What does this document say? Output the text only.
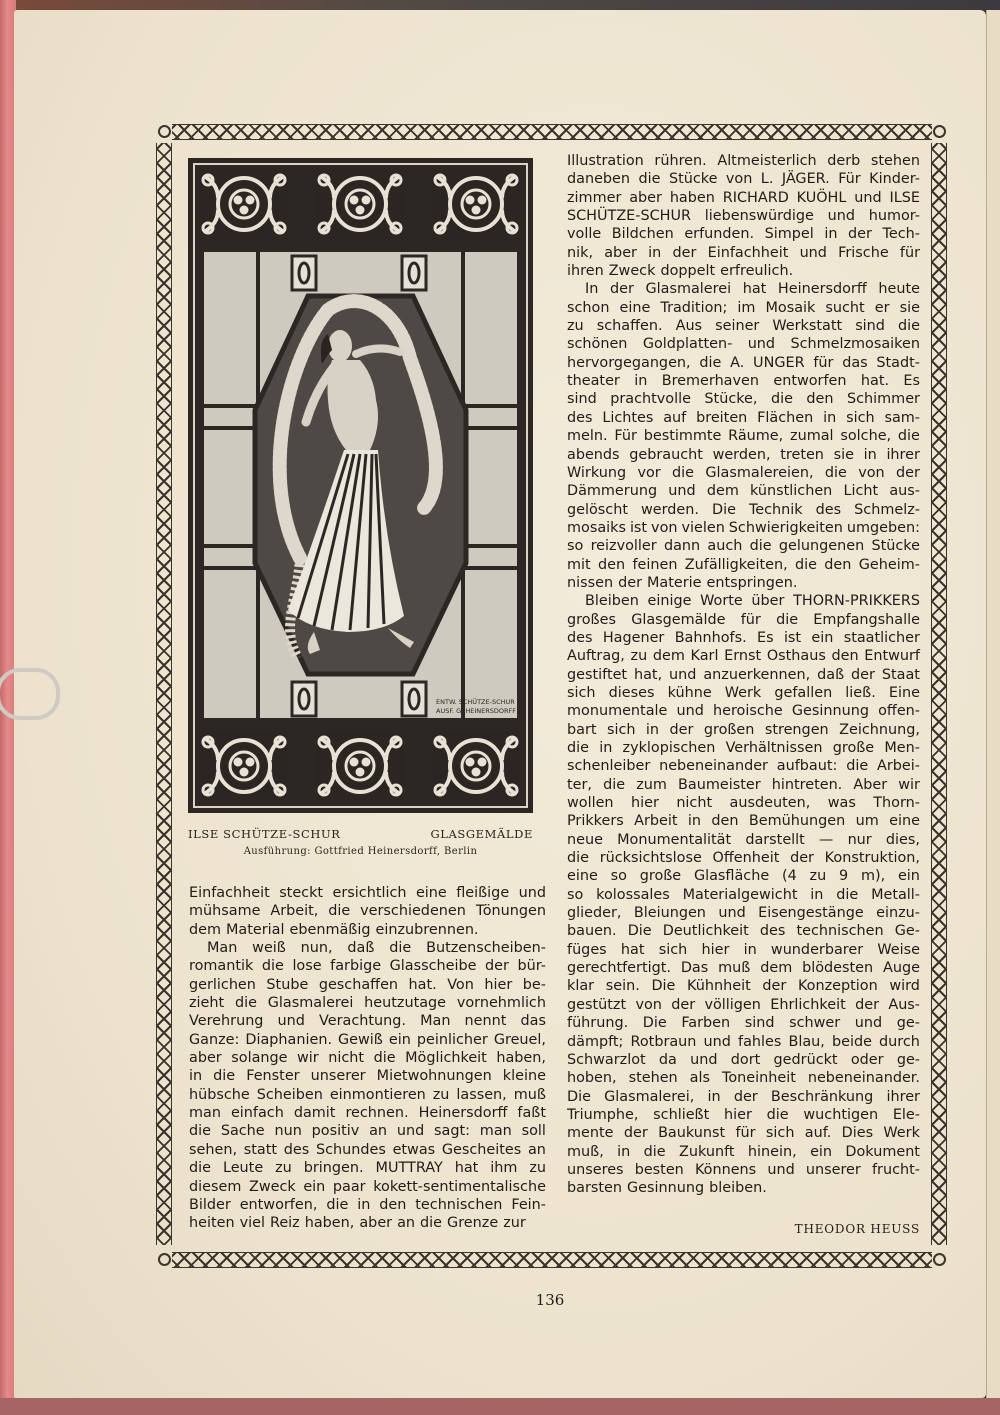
ENTW. SCHÜTZE-SCHUR
AUSF. G. HEINERSDORFF
ILSE SCHÜTZE-SCHUR	GLASGEMÄLDE
Ausführung: Gottfried Heinersdorff, Berlin
Illustration rühren. Altmeisterlich derb stehen
daneben die Stücke von L. JÄGER. Für Kinder-
zimmer aber haben RICHARD KUÖHL und ILSE
SCHÜTZE-SCHUR liebenswürdige und humor-
volle Bildchen erfunden. Simpel in der Tech-
nik, aber in der Einfachheit und Frische für
ihren Zweck doppelt erfreulich.
In der Glasmalerei hat Heinersdorff heute
schon eine Tradition; im Mosaik sucht er sie
zu schaffen. Aus seiner Werkstatt sind die
schönen Goldplatten- und Schmelzmosaiken
hervorgegangen, die A. UNGER für das Stadt-
theater in Bremerhaven entworfen hat. Es
sind prachtvolle Stücke, die den Schimmer
des Lichtes auf breiten Flächen in sich sam-
meln. Für bestimmte Räume, zumal solche, die
abends gebraucht werden, treten sie in ihrer
Wirkung vor die Glasmalereien, die von der
Dämmerung und dem künstlichen Licht aus-
gelöscht werden. Die Technik des Schmelz-
mosaiks ist von vielen Schwierigkeiten umgeben:
so reizvoller dann auch die gelungenen Stücke
mit den feinen Zufälligkeiten, die den Geheim-
nissen der Materie entspringen.
Bleiben einige Worte über THORN-PRIKKERS
großes Glasgemälde für die Empfangshalle
des Hagener Bahnhofs. Es ist ein staatlicher
Auftrag, zu dem Karl Ernst Osthaus den Entwurf
gestiftet hat, und anzuerkennen, daß der Staat
sich dieses kühne Werk gefallen ließ. Eine
monumentale und heroische Gesinnung offen-
bart sich in der großen strengen Zeichnung,
die in zyklopischen Verhältnissen große Men-
schenleiber nebeneinander aufbaut: die Arbei-
ter, die zum Baumeister hintreten. Aber wir
wollen hier nicht ausdeuten, was Thorn-
Prikkers Arbeit in den Bemühungen um eine
neue Monumentalität darstellt — nur dies,
die rücksichtslose Offenheit der Konstruktion,
eine so große Glasfläche (4 zu 9 m), ein
so kolossales Materialgewicht in die Metall-
glieder, Bleiungen und Eisengestänge einzu-
bauen. Die Deutlichkeit des technischen Ge-
füges hat sich hier in wunderbarer Weise
gerechtfertigt. Das muß dem blödesten Auge
klar sein. Die Kühnheit der Konzeption wird
gestützt von der völligen Ehrlichkeit der Aus-
führung. Die Farben sind schwer und ge-
dämpft; Rotbraun und fahles Blau, beide durch
Schwarzlot da und dort gedrückt oder ge-
hoben, stehen als Toneinheit nebeneinander.
Die Glasmalerei, in der Beschränkung ihrer
Triumphe, schließt hier die wuchtigen Ele-
mente der Baukunst für sich auf. Dies Werk
muß, in die Zukunft hinein, ein Dokument
unseres besten Könnens und unserer frucht-
barsten Gesinnung bleiben.
Einfachheit steckt ersichtlich eine fleißige und
mühsame Arbeit, die verschiedenen Tönungen
dem Material ebenmäßig einzubrennen.
Man weiß nun, daß die Butzenscheiben-
romantik die lose farbige Glasscheibe der bür-
gerlichen Stube geschaffen hat. Von hier be-
zieht die Glasmalerei heutzutage vornehmlich
Verehrung und Verachtung. Man nennt das
Ganze: Diaphanien. Gewiß ein peinlicher Greuel,
aber solange wir nicht die Möglichkeit haben,
in die Fenster unserer Mietwohnungen kleine
hübsche Scheiben einmontieren zu lassen, muß
man einfach damit rechnen. Heinersdorff faßt
die Sache nun positiv an und sagt: man soll
sehen, statt des Schundes etwas Gescheites an
die Leute zu bringen. MUTTRAY hat ihm zu
diesem Zweck ein paar kokett-sentimentalische
Bilder entworfen, die in den technischen Fein-
heiten viel Reiz haben, aber an die Grenze zur	THEODOR HEUSS
136
